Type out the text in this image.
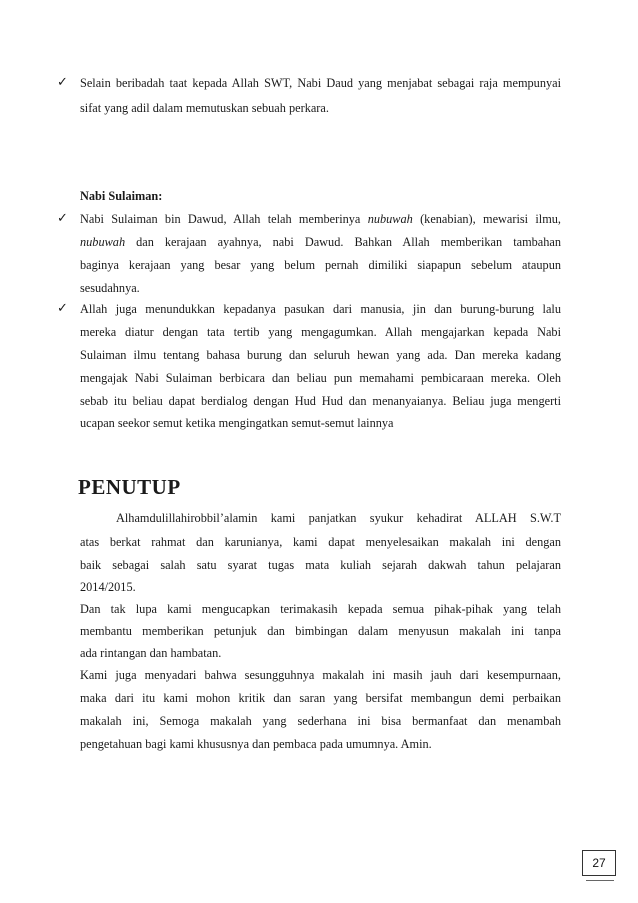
✓ Selain beribadah taat kepada Allah SWT, Nabi Daud yang menjabat sebagai raja mempunyai
sifat yang adil dalam memutuskan sebuah perkara.
Nabi Sulaiman:
✓ Nabi Sulaiman bin Dawud, Allah telah memberinya nubuwah (kenabian), mewarisi ilmu,
nubuwah dan kerajaan ayahnya, nabi Dawud. Bahkan Allah memberikan tambahan
baginya kerajaan yang besar yang belum pernah dimiliki siapapun sebelum ataupun
sesudahnya.
✓ Allah juga menundukkan kepadanya pasukan dari manusia, jin dan burung-burung lalu
mereka diatur dengan tata tertib yang mengagumkan. Allah mengajarkan kepada Nabi
Sulaiman ilmu tentang bahasa burung dan seluruh hewan yang ada. Dan mereka kadang
mengajak Nabi Sulaiman berbicara dan beliau pun memahami pembicaraan mereka. Oleh
sebab itu beliau dapat berdialog dengan Hud Hud dan menanyaianya. Beliau juga mengerti
ucapan seekor semut ketika mengingatkan semut-semut lainnya
PENUTUP
Alhamdulillahirobbil’alamin kami panjatkan syukur kehadirat ALLAH S.W.T
atas berkat rahmat dan karunianya, kami dapat menyelesaikan makalah ini dengan
baik sebagai salah satu syarat tugas mata kuliah sejarah dakwah tahun pelajaran
2014/2015.
Dan tak lupa kami mengucapkan terimakasih kepada semua pihak-pihak yang telah
membantu memberikan petunjuk dan bimbingan dalam menyusun makalah ini tanpa
ada rintangan dan hambatan.
Kami juga menyadari bahwa sesungguhnya makalah ini masih jauh dari kesempurnaan,
maka dari itu kami mohon kritik dan saran yang bersifat membangun demi perbaikan
makalah ini, Semoga makalah yang sederhana ini bisa bermanfaat dan menambah
pengetahuan bagi kami khususnya dan pembaca pada umumnya. Amin.
27
